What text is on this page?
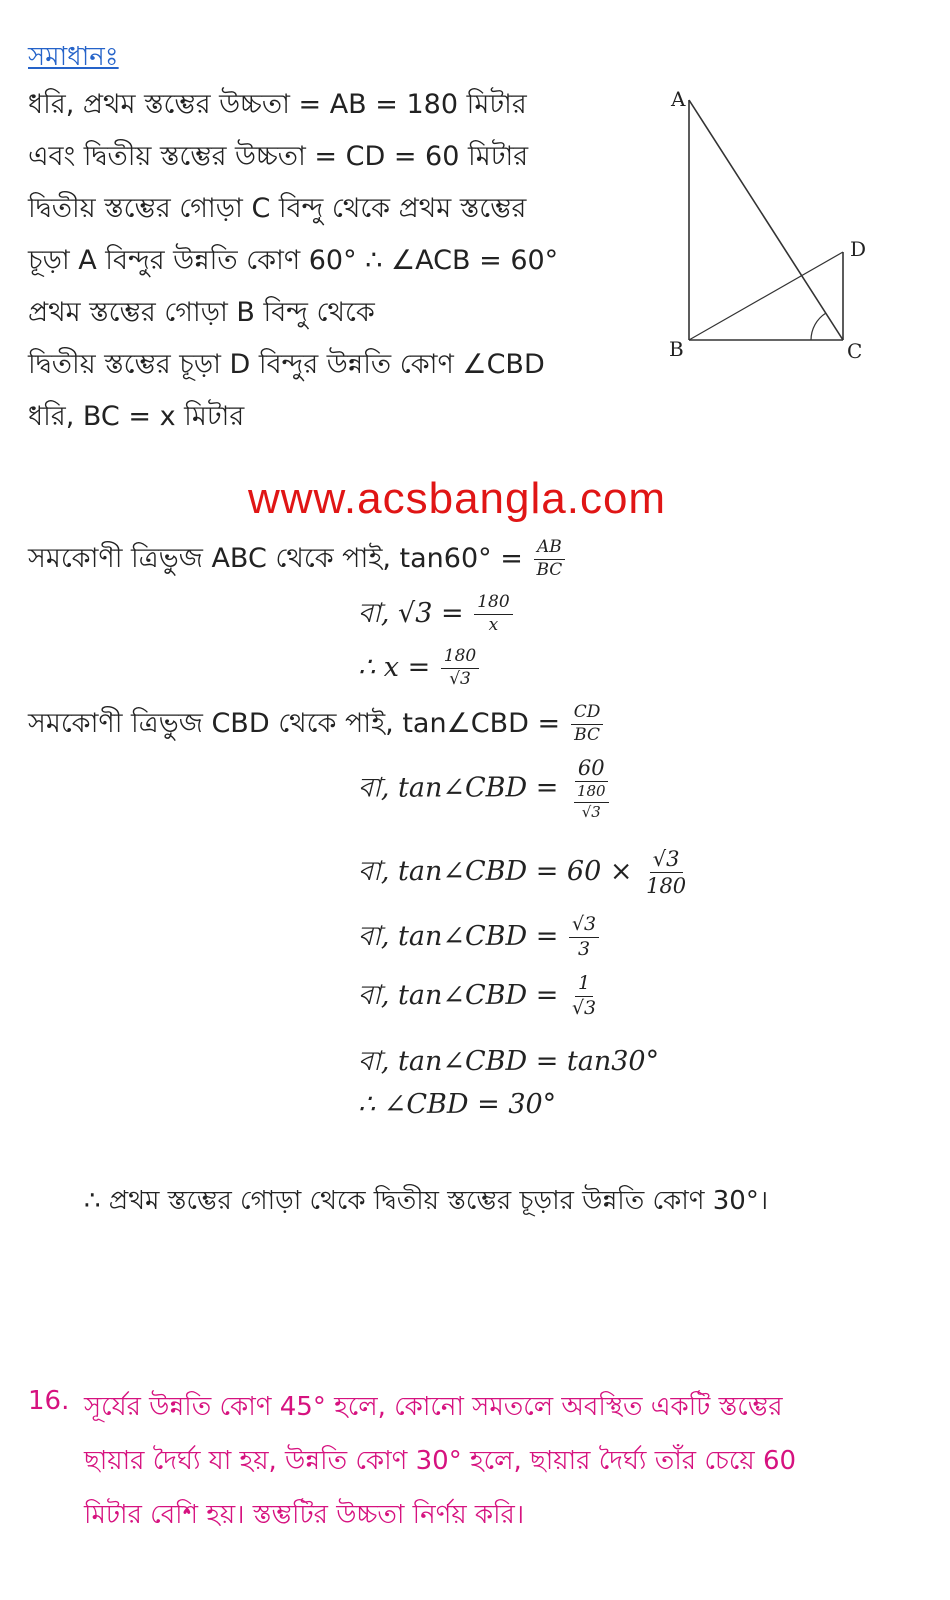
সমাধানঃ
ধরি, প্রথম স্তম্ভের উচ্চতা = AB = 180 মিটার
এবং দ্বিতীয় স্তম্ভের উচ্চতা = CD = 60 মিটার
দ্বিতীয় স্তম্ভের গোড়া C বিন্দু থেকে প্রথম স্তম্ভের
চূড়া A বিন্দুর উন্নতি কোণ 60° ∴ ∠ACB = 60°
প্রথম স্তম্ভের গোড়া B বিন্দু থেকে
দ্বিতীয় স্তম্ভের চূড়া D বিন্দুর উন্নতি কোণ ∠CBD
ধরি, BC = x মিটার
A
B	C
D
www.acsbangla.com
সমকোণী ত্রিভুজ ABC থেকে পাই, $\tan 60^\circ = \frac{AB}{BC}$
বা, $√3 = \frac{180}{x}$
∴ $x = \frac{180}{√3}$
সমকোণী ত্রিভুজ CBD থেকে পাই, tan∠CBD = $\frac{CD}{BC}$
বা, tan∠CBD = $\frac{60}{\frac{180}{√3}}$
বা, tan∠CBD = $60 \times \frac{√3}{180}$
বা, tan∠CBD = $\frac{√3}{3}$
বা, tan∠CBD = $\frac{1}{√3}$
বা, tan∠CBD = tan30°
∴ ∠CBD = 30°
∴ প্রথম স্তম্ভের গোড়া থেকে দ্বিতীয় স্তম্ভের চূড়ার উন্নতি কোণ 30°।
16. সূর্যের উন্নতি কোণ 45° হলে, কোনো সমতলে অবস্থিত একটি স্তম্ভের
ছায়ার দৈর্ঘ্য যা হয়, উন্নতি কোণ 30° হলে, ছায়ার দৈর্ঘ্য তাঁর চেয়ে 60
মিটার বেশি হয়। স্তম্ভটির উচ্চতা নির্ণয় করি।
